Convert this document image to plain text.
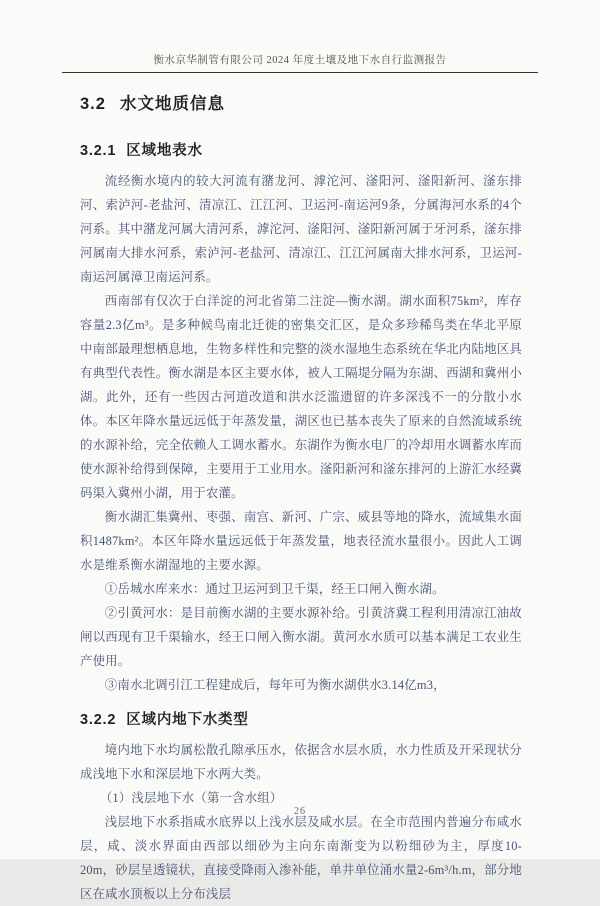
衡水京华制管有限公司 2024 年度土壤及地下水自行监测报告
3.2 水文地质信息
3.2.1 区域地表水

流经衡水境内的较大河流有潴龙河、滹沱河、滏阳河、滏阳新河、滏东排河、索泸河-老盐河、清凉江、江江河、卫运河-南运河9条，分属海河水系的4个河系。其中潴龙河属大清河系，滹沱河、滏阳河、滏阳新河属于牙河系，滏东排河属南大排水河系，索泸河-老盐河、清凉江、江江河属南大排水河系，卫运河-南运河属漳卫南运河系。

西南部有仅次于白洋淀的河北省第二注淀—衡水湖。湖水面积75km²，库存容量2.3亿m³。是多种候鸟南北迁徙的密集交汇区，是众多珍稀鸟类在华北平原中南部最理想栖息地，生物多样性和完整的淡水湿地生态系统在华北内陆地区具有典型代表性。衡水湖是本区主要水体，被人工隔堤分隔为东湖、西湖和冀州小湖。此外，还有一些因古河道改道和洪水泛滥遗留的许多深浅不一的分散小水体。本区年降水量远远低于年蒸发量，湖区也已基本丧失了原来的自然流域系统的水源补给，完全依赖人工调水蓄水。东湖作为衡水电厂的冷却用水调蓄水库而使水源补给得到保障，主要用于工业用水。滏阳新河和滏东排河的上游汇水经冀码渠入冀州小湖，用于农灌。

衡水湖汇集冀州、枣强、南宫、新河、广宗、威县等地的降水，流域集水面积1487km²。本区年降水量远远低于年蒸发量，地表径流水量很小。因此人工调水是维系衡水湖湿地的主要水源。

①岳城水库来水：通过卫运河到卫千渠，经王口闸入衡水湖。

②引黄河水：是目前衡水湖的主要水源补给。引黄济冀工程利用清凉江油故闸以西现有卫千渠输水，经王口闸入衡水湖。黄河水水质可以基本满足工农业生产使用。

③南水北调引江工程建成后，每年可为衡水湖供水3.14亿m3，

3.2.2 区域内地下水类型

境内地下水均属松散孔隙承压水，依据含水层水质，水力性质及开采现状分成浅地下水和深层地下水两大类。

（1）浅层地下水（第一含水组）

浅层地下水系指咸水底界以上浅水层及咸水层。在全市范围内普遍分布咸水层，咸、淡水界面由西部以细砂为主向东南渐变为以粉细砂为主，厚度10-20m，砂层呈透镜状，直接受降雨入渗补能，单井单位涌水量2-6m³/h.m，部分地区在咸水顶板以上分布浅层

26
